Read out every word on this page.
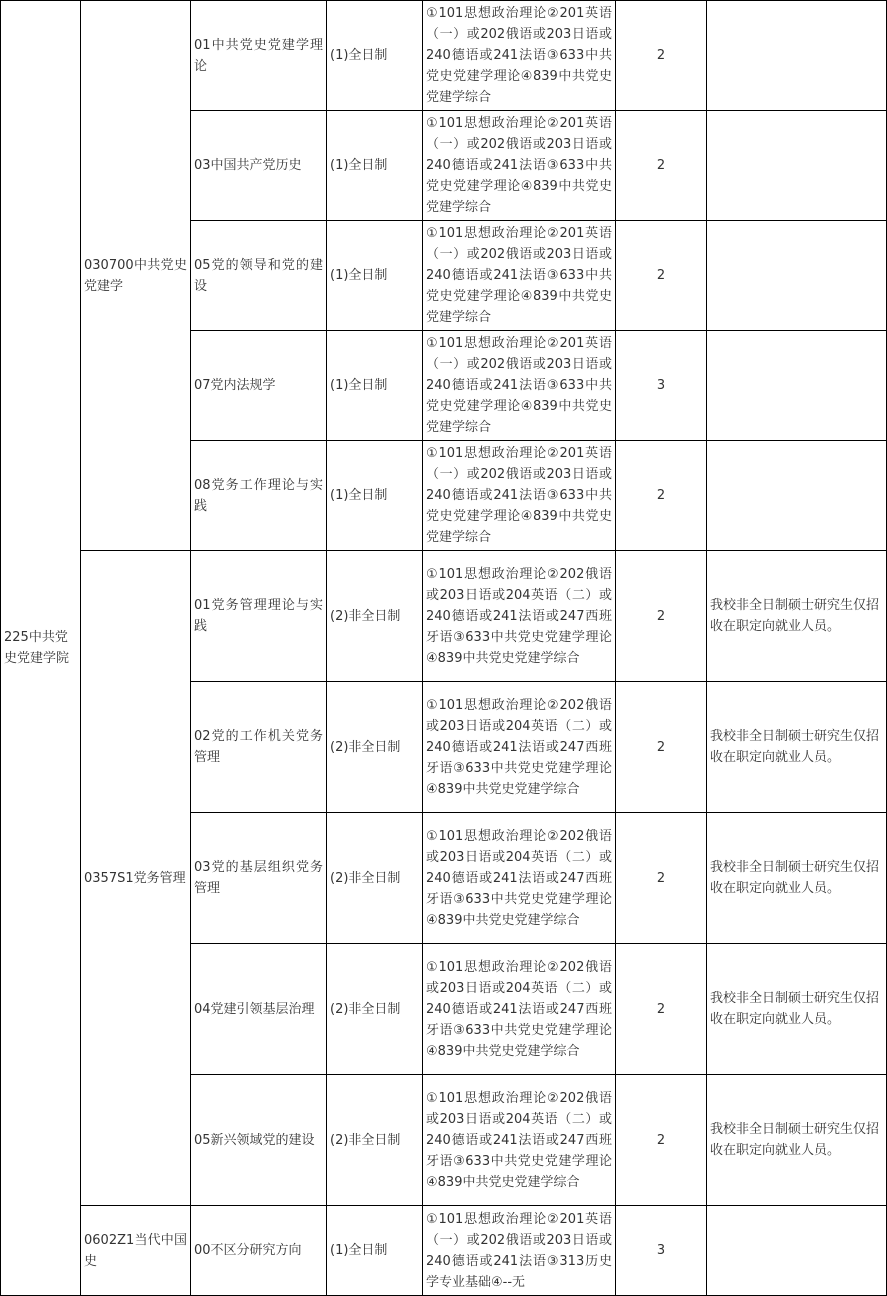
225中共党史党建学院	030700中共党史党建学	01中共党史党建学理论	(1)全日制	①101思想政治理论②201英语（一）或202俄语或203日语或240德语或241法语③633中共党史党建学理论④839中共党史党建学综合	2	
		03中国共产党历史	(1)全日制	①101思想政治理论②201英语（一）或202俄语或203日语或240德语或241法语③633中共党史党建学理论④839中共党史党建学综合	2	
		05党的领导和党的建设	(1)全日制	①101思想政治理论②201英语（一）或202俄语或203日语或240德语或241法语③633中共党史党建学理论④839中共党史党建学综合	2	
		07党内法规学	(1)全日制	①101思想政治理论②201英语（一）或202俄语或203日语或240德语或241法语③633中共党史党建学理论④839中共党史党建学综合	3	
		08党务工作理论与实践	(1)全日制	①101思想政治理论②201英语（一）或202俄语或203日语或240德语或241法语③633中共党史党建学理论④839中共党史党建学综合	2	
	0357S1党务管理	01党务管理理论与实践	(2)非全日制	①101思想政治理论②202俄语或203日语或204英语（二）或240德语或241法语或247西班牙语③633中共党史党建学理论④839中共党史党建学综合	2	我校非全日制硕士研究生仅招收在职定向就业人员。
		02党的工作机关党务管理	(2)非全日制	①101思想政治理论②202俄语或203日语或204英语（二）或240德语或241法语或247西班牙语③633中共党史党建学理论④839中共党史党建学综合	2	我校非全日制硕士研究生仅招收在职定向就业人员。
		03党的基层组织党务管理	(2)非全日制	①101思想政治理论②202俄语或203日语或204英语（二）或240德语或241法语或247西班牙语③633中共党史党建学理论④839中共党史党建学综合	2	我校非全日制硕士研究生仅招收在职定向就业人员。
		04党建引领基层治理	(2)非全日制	①101思想政治理论②202俄语或203日语或204英语（二）或240德语或241法语或247西班牙语③633中共党史党建学理论④839中共党史党建学综合	2	我校非全日制硕士研究生仅招收在职定向就业人员。
		05新兴领域党的建设	(2)非全日制	①101思想政治理论②202俄语或203日语或204英语（二）或240德语或241法语或247西班牙语③633中共党史党建学理论④839中共党史党建学综合	2	我校非全日制硕士研究生仅招收在职定向就业人员。
	0602Z1当代中国史	00不区分研究方向	(1)全日制	①101思想政治理论②201英语（一）或202俄语或203日语或240德语或241法语③313历史学专业基础④--无	3	
